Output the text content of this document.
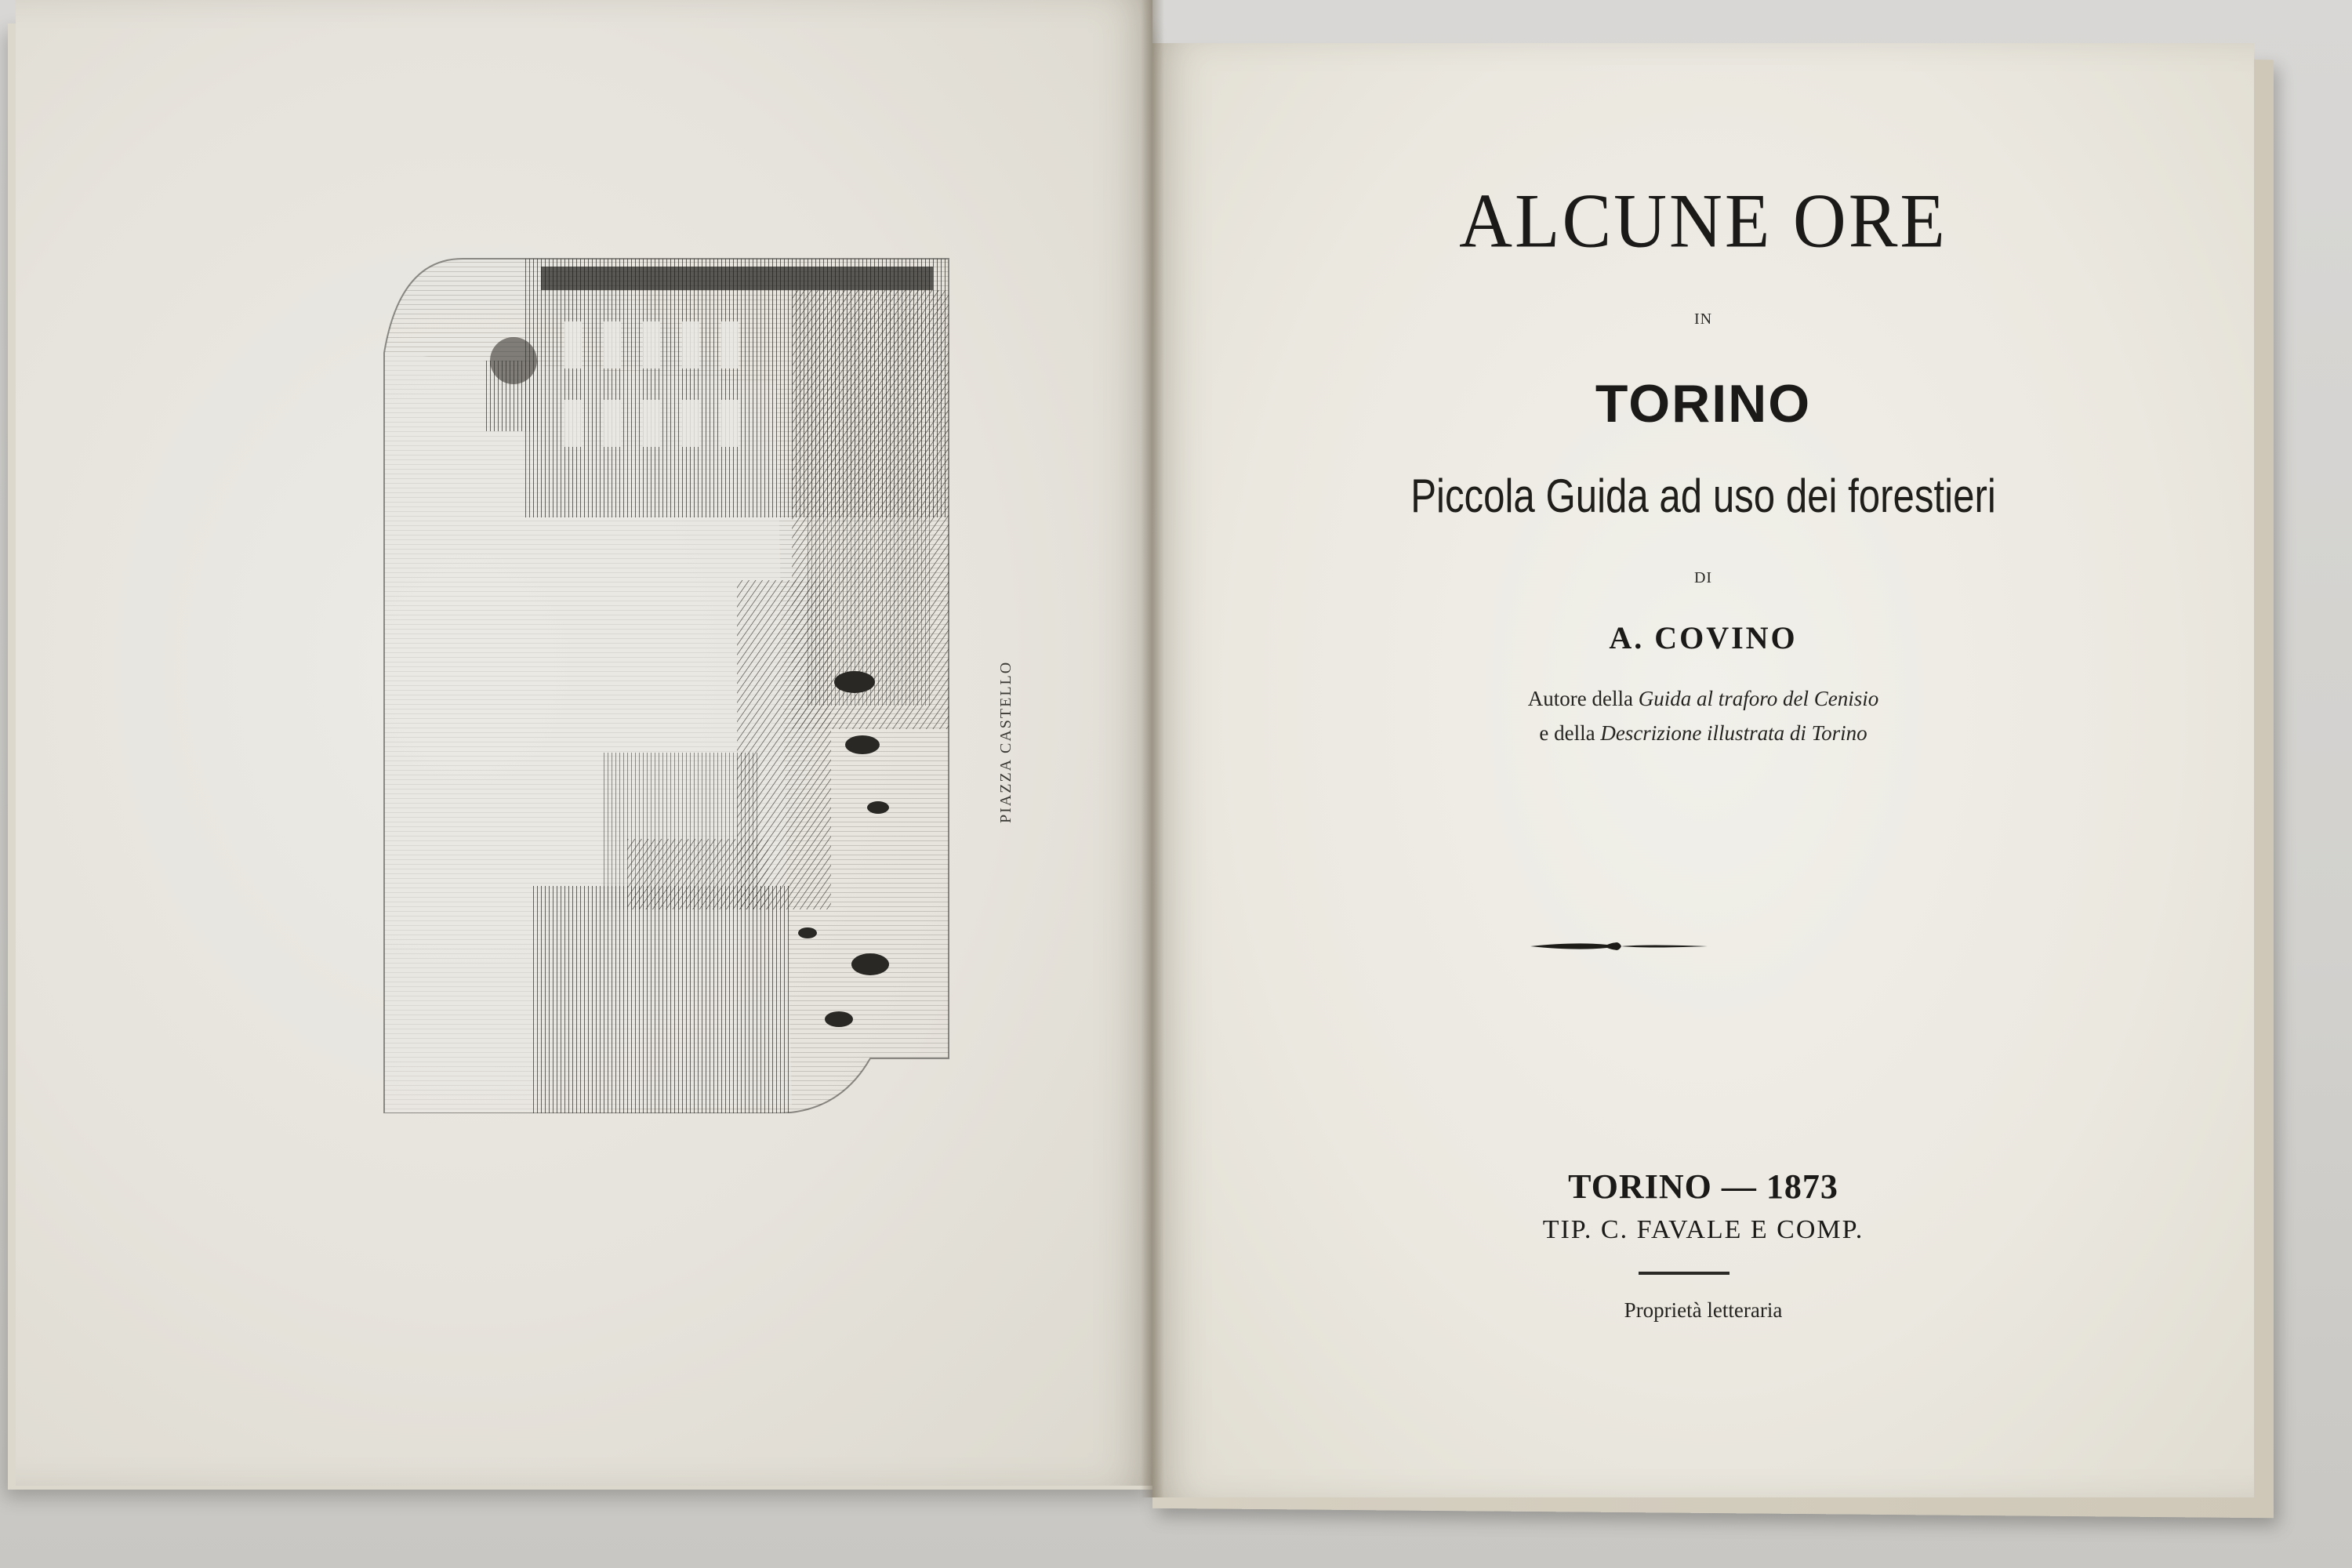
PIAZZA CASTELLO
ALCUNE ORE
IN
TORINO
Piccola Guida ad uso dei forestieri
DI
A. COVINO
Autore della Guida al traforo del Cenisio
e della Descrizione illustrata di Torino
TORINO — 1873
TIP. C. FAVALE E COMP.
Proprietà letteraria
